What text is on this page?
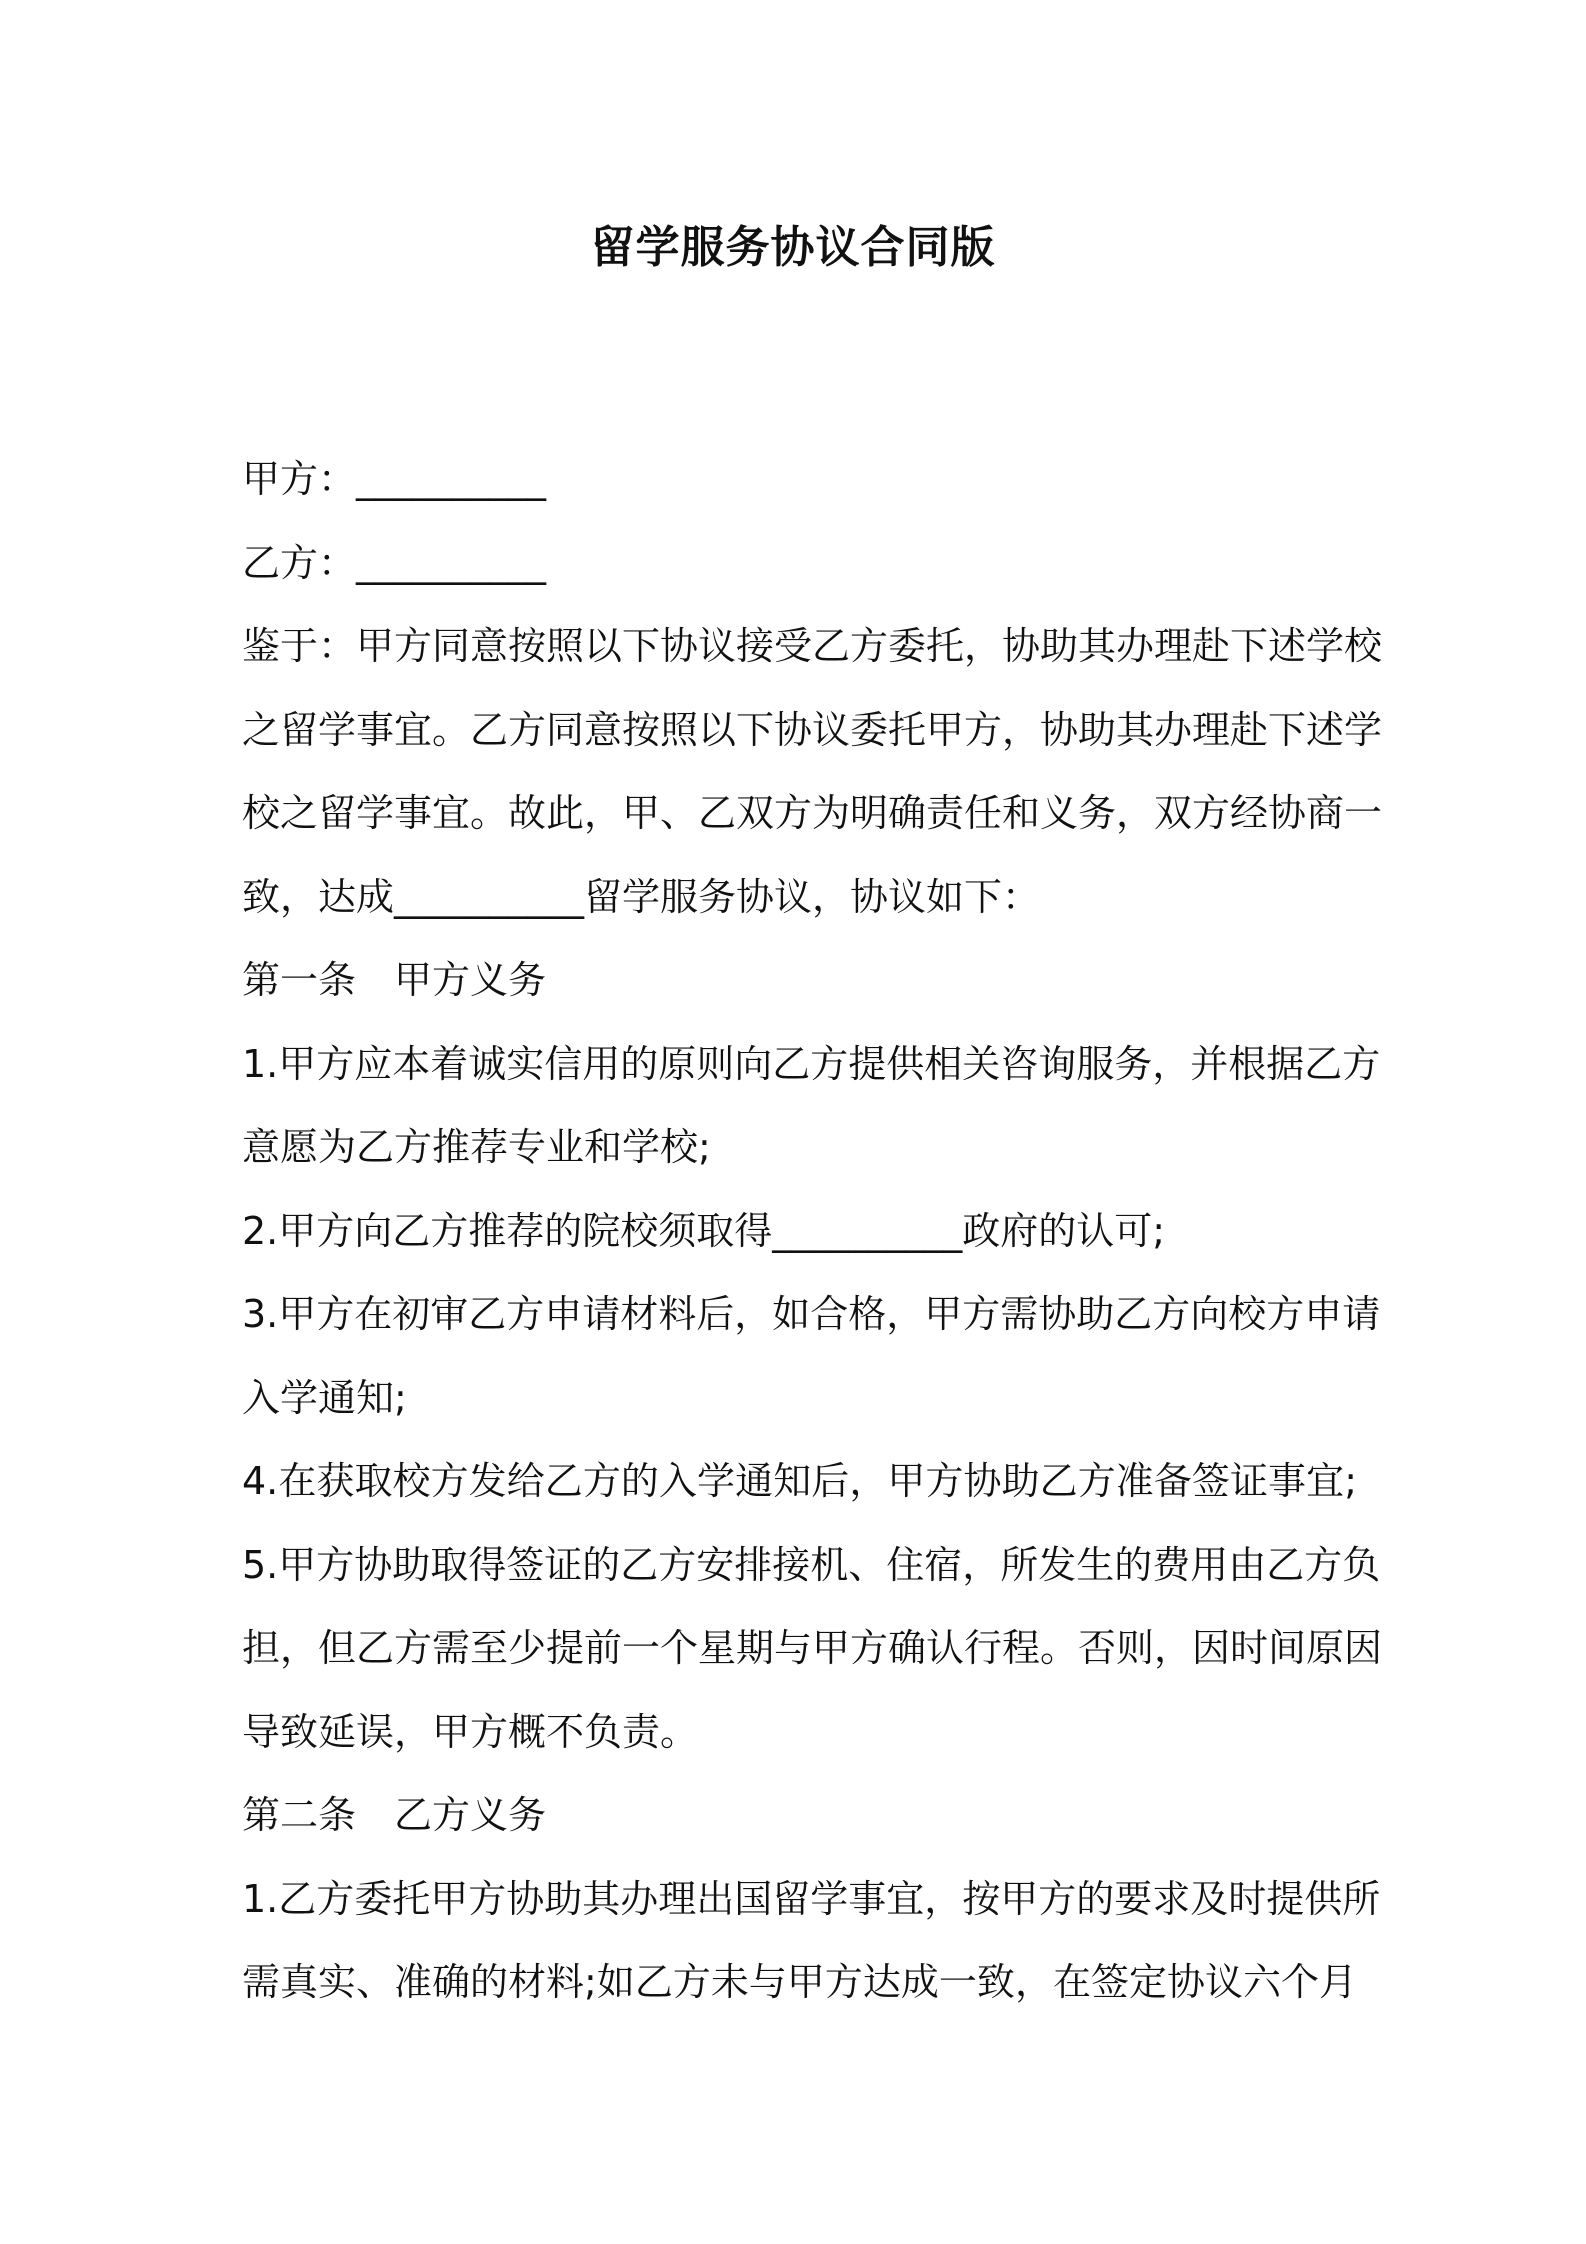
留学服务协议合同版
甲方：__________
乙方：__________
鉴于：甲方同意按照以下协议接受乙方委托，协助其办理赴下述学校
之留学事宜。乙方同意按照以下协议委托甲方，协助其办理赴下述学
校之留学事宜。故此，甲、乙双方为明确责任和义务，双方经协商一
致，达成__________留学服务协议，协议如下：
第一条　甲方义务
1.甲方应本着诚实信用的原则向乙方提供相关咨询服务，并根据乙方
意愿为乙方推荐专业和学校;
2.甲方向乙方推荐的院校须取得__________政府的认可;
3.甲方在初审乙方申请材料后，如合格，甲方需协助乙方向校方申请
入学通知;
4.在获取校方发给乙方的入学通知后，甲方协助乙方准备签证事宜;
5.甲方协助取得签证的乙方安排接机、住宿，所发生的费用由乙方负
担，但乙方需至少提前一个星期与甲方确认行程。否则，因时间原因
导致延误，甲方概不负责。
第二条　乙方义务
1.乙方委托甲方协助其办理出国留学事宜，按甲方的要求及时提供所
需真实、准确的材料;如乙方未与甲方达成一致，在签定协议六个月
